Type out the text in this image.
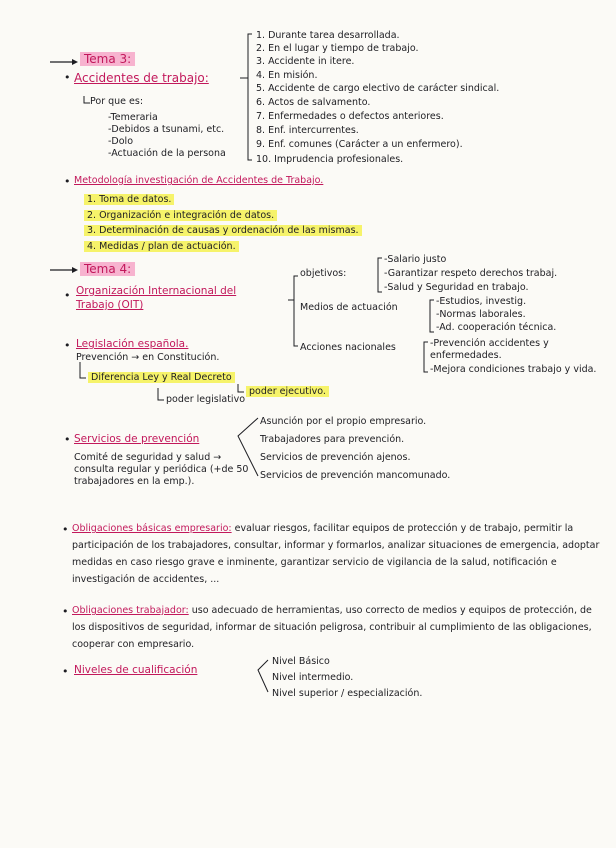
Tema 3:
• Accidentes de trabajo:
Por que es:
-Temeraria
-Debidos a tsunami, etc.
-Dolo
-Actuación de la persona
1. Durante tarea desarrollada.
2. En el lugar y tiempo de trabajo.
3. Accidente in itere.
4. En misión.
5. Accidente de cargo electivo de carácter sindical.
6. Actos de salvamento.
7. Enfermedades o defectos anteriores.
8. Enf. intercurrentes.
9. Enf. comunes (Carácter a un enfermero).
10. Imprudencia profesionales.
• Metodología investigación de Accidentes de Trabajo.
1. Toma de datos.
2. Organización e integración de datos.
3. Determinación de causas y ordenación de las mismas.
4. Medidas / plan de actuación.
Tema 4:
• Organización Internacional del Trabajo (OIT)
objetivos:
-Salario justo
-Garantizar respeto derechos trabaj.
-Salud y Seguridad en trabajo.
Medios de actuación
-Estudios, investig.
-Normas laborales.
-Ad. cooperación técnica.
Acciones nacionales	-Prevención accidentes y enfermedades.
-Mejora condiciones trabajo y vida.
• Legislación española.
Prevención → en Constitución.
Diferencia Ley y Real Decreto
poder legislativo
poder ejecutivo.
• Servicios de prevención
Comité de seguridad y salud → consulta regular y periódica (+de 50 trabajadores en la emp.).
Asunción por el propio empresario.
Trabajadores para prevención.
Servicios de prevención ajenos.
Servicios de prevención mancomunado.
• Obligaciones básicas empresario: evaluar riesgos, facilitar equipos de protección y de trabajo, permitir la participación de los trabajadores, consultar, informar y formarlos, analizar situaciones de emergencia, adoptar medidas en caso riesgo grave e inminente, garantizar servicio de vigilancia de la salud, notificación e investigación de accidentes, ...
• Obligaciones trabajador: uso adecuado de herramientas, uso correcto de medios y equipos de protección, de los dispositivos de seguridad, informar de situación peligrosa, contribuir al cumplimiento de las obligaciones, cooperar con empresario.
• Niveles de cualificación
Nivel Básico
Nivel intermedio.
Nivel superior / especialización.
